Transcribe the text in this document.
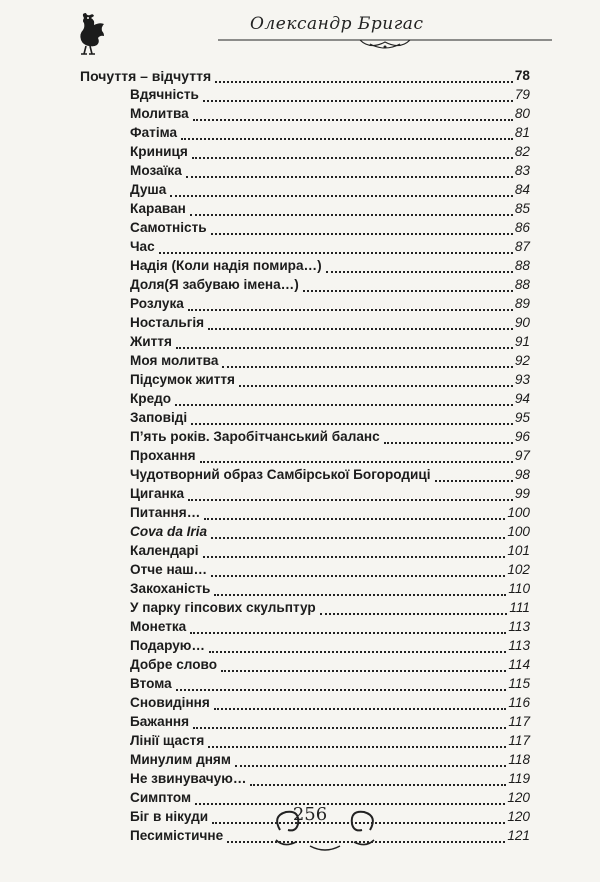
Олександр Бригас
Почуття – відчуття	78
Вдячність	79
Молитва	80
Фатіма	81
Криниця	82
Мозаїка	83
Душа	84
Караван	85
Самотність	86
Час	87
Надія (Коли надія помира…)	88
Доля(Я забуваю імена…)	88
Розлука	89
Ностальгія	90
Життя	91
Моя молитва	92
Підсумок життя	93
Кредо	94
Заповіді	95
П’ять років. Заробітчанський баланс	96
Прохання	97
Чудотворний образ Самбірської Богородиці	98
Циганка	99
Питання…	100
Cova da Iria	100
Календарі	101
Отче наш…	102
Закоханість	110
У парку гіпсових скульптур	111
Монетка	113
Подарую…	113
Добре слово	114
Втома	115
Сновидіння	116
Бажання	117
Лінії щастя	117
Минулим дням	118
Не звинувачую…	119
Симптом	120
Біг в нікуди	120
Песимістичне	121
256
